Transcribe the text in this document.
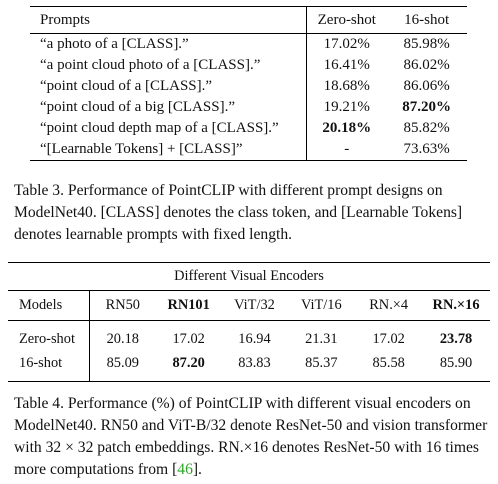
Prompts	Zero-shot	16-shot
“a photo of a [CLASS].”	17.02%	85.98%
“a point cloud photo of a [CLASS].”	16.41%	86.02%
“point cloud of a [CLASS].”	18.68%	86.06%
“point cloud of a big [CLASS].”	19.21%	87.20%
“point cloud depth map of a [CLASS].”	20.18%	85.82%
“[Learnable Tokens] + [CLASS]”	-	73.63%
Table 3. Performance of PointCLIP with different prompt designs on ModelNet40. [CLASS] denotes the class token, and [Learnable Tokens] denotes learnable prompts with fixed length.
Different Visual Encoders						
Models	RN50	RN101	ViT/32	ViT/16	RN.×4	RN.×16
Zero-shot	20.18	17.02	16.94	21.31	17.02	23.78
16-shot	85.09	87.20	83.83	85.37	85.58	85.90
Table 4. Performance (%) of PointCLIP with different visual encoders on ModelNet40. RN50 and ViT-B/32 denote ResNet-50 and vision transformer with 32 × 32 patch embeddings. RN.×16 denotes ResNet-50 with 16 times more computations from [46].
